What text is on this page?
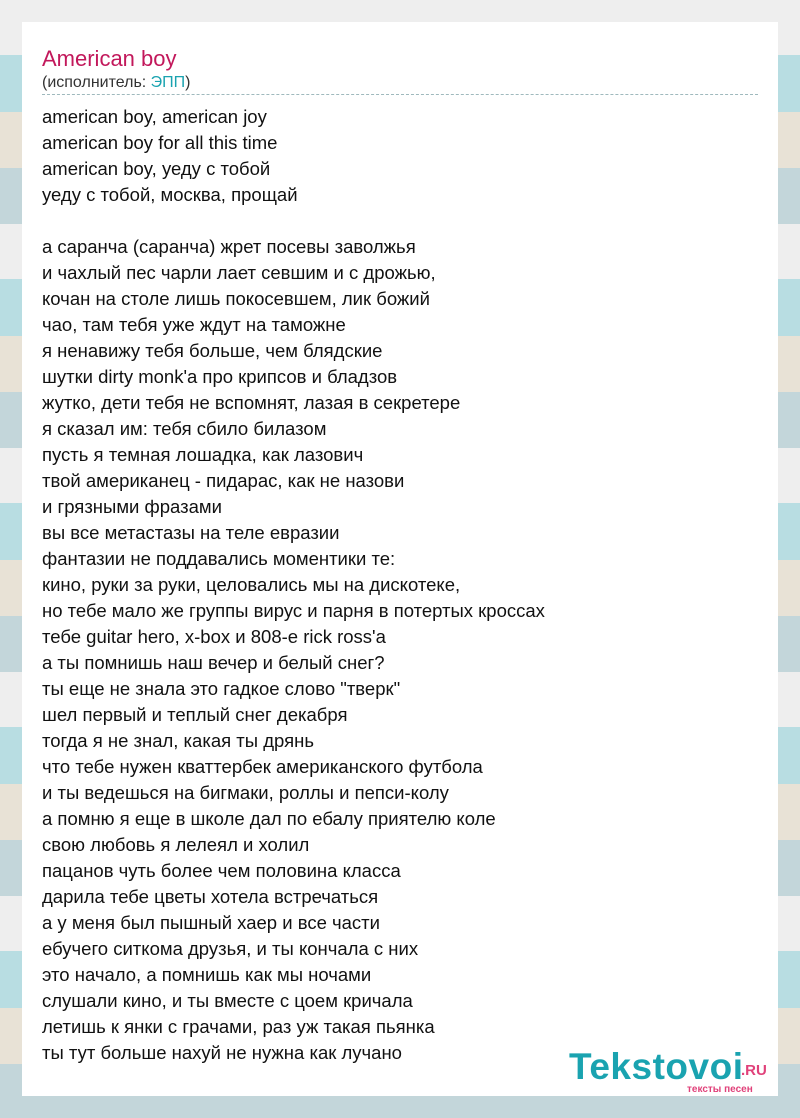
American boy
(исполнитель: ЭПП)
american boy, american joy
american boy for all this time
american boy, уеду с тобой
уеду с тобой, москва, прощай
а саранча (саранча) жрет посевы заволжья
и чахлый пес чарли лает севшим и с дрожью,
кочан на столе лишь покосевшем, лик божий
чао, там тебя уже ждут на таможне
я ненавижу тебя больше, чем блядские
шутки dirty monk'a про крипсов и бладзов
жутко, дети тебя не вспомнят, лазая в секретере
я сказал им: тебя сбило билазом
пусть я темная лошадка, как лазович
твой американец - пидарас, как не назови
и грязными фразами
вы все метастазы на теле евразии
фантазии не поддавались моментики те:
кино, руки за руки, целовались мы на дискотеке,
но тебе мало же группы вирус и парня в потертых кроссах
тебе guitar hero, x-box и 808-е rick ross'a
а ты помнишь наш вечер и белый снег?
ты еще не знала это гадкое слово "тверк"
шел первый и теплый снег декабря
тогда я не знал, какая ты дрянь
что тебе нужен кваттербек американского футбола
и ты ведешься на бигмаки, роллы и пепси-колу
а помню я еще в школе дал по ебалу приятелю коле
свою любовь я лелеял и холил
пацанов чуть более чем половина класса
дарила тебе цветы хотела встречаться
а у меня был пышный хаер и все части
ебучего ситкома друзья, и ты кончала с них
это начало, а помнишь как мы ночами
слушали кино, и ты вместе с цоем кричала
летишь к янки с грачами, раз уж такая пьянка
ты тут больше нахуй не нужна как лучано	Tekstovoi
.RU
тексты песен
